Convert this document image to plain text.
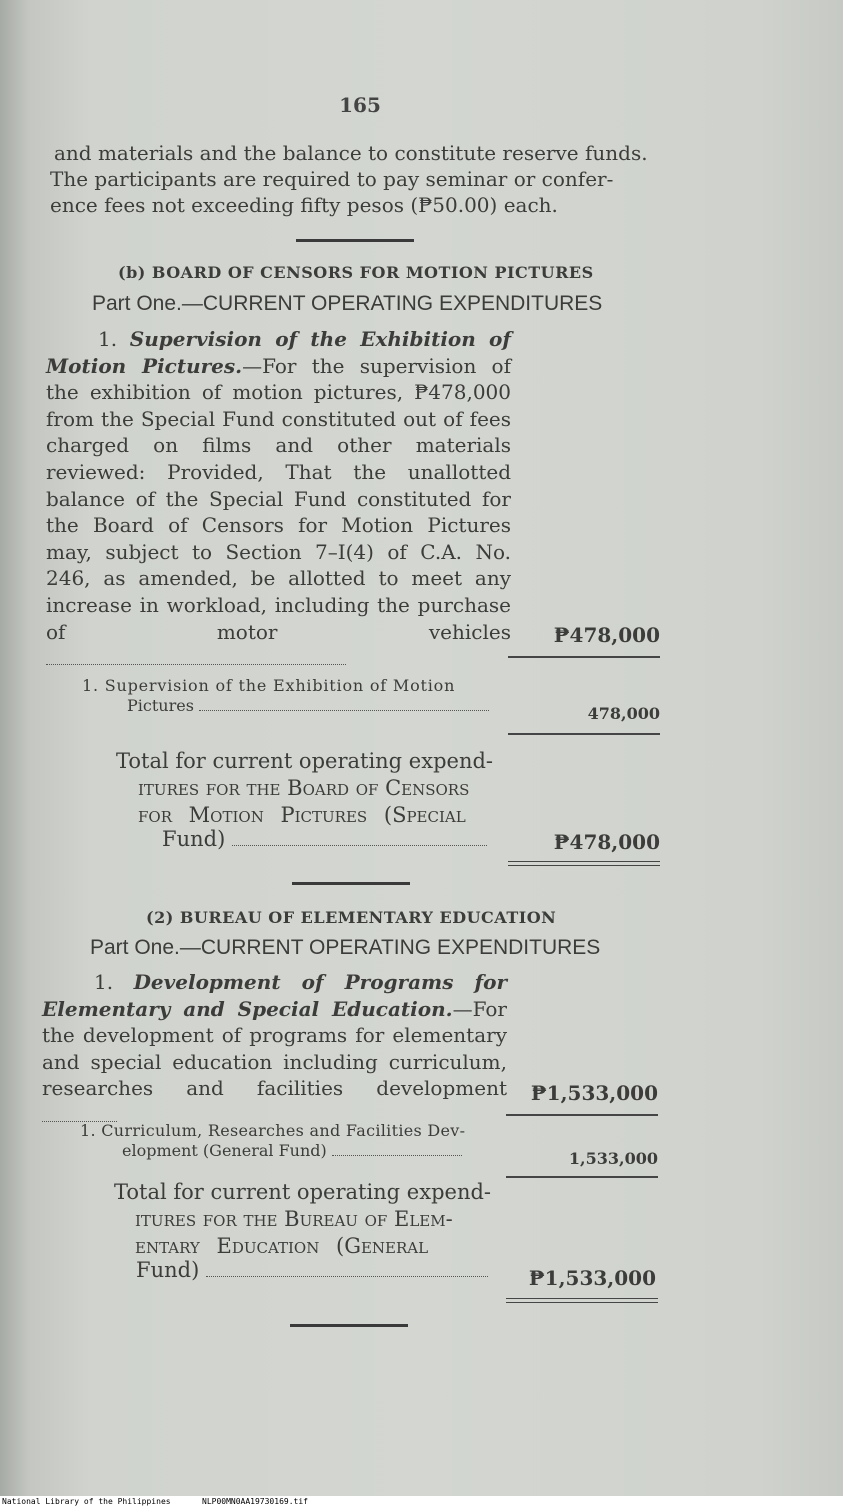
165
and materials and the balance to constitute reserve funds.
The participants are required to pay seminar or confer-
ence fees not exceeding fifty pesos (₱50.00) each.
(b) BOARD OF CENSORS FOR MOTION PICTURES
Part One.—CURRENT OPERATING EXPENDITURES
1. Supervision of the Exhibition of Motion Pictures.—For the supervision of the exhibition of motion pictures, ₱478,000 from the Special Fund constituted out of fees charged on films and other materials reviewed: Provided, That the unallotted balance of the Special Fund constituted for the Board of Censors for Motion Pictures may, subject to Section 7–I(4) of C.A. No. 246, as amended, be allotted to meet any increase in workload, including the purchase of motor vehicles	₱478,000
1. Supervision of the Exhibition of Motion
Pictures	478,000
Total for current operating expend-
itures for the Board of Censors
for Motion Pictures (Special
Fund)	₱478,000
(2) BUREAU OF ELEMENTARY EDUCATION
Part One.—CURRENT OPERATING EXPENDITURES
1. Development of Programs for Elementary and Special Education.—For the development of programs for elementary and special education including curriculum, researches and facilities development	₱1,533,000
1. Curriculum, Researches and Facilities Dev-
elopment (General Fund)	1,533,000
Total for current operating expend-
itures for the Bureau of Elem-
entary Education (General
Fund)	₱1,533,000
National Library of the Philippines	NLP00MN0AA19730169.tif
